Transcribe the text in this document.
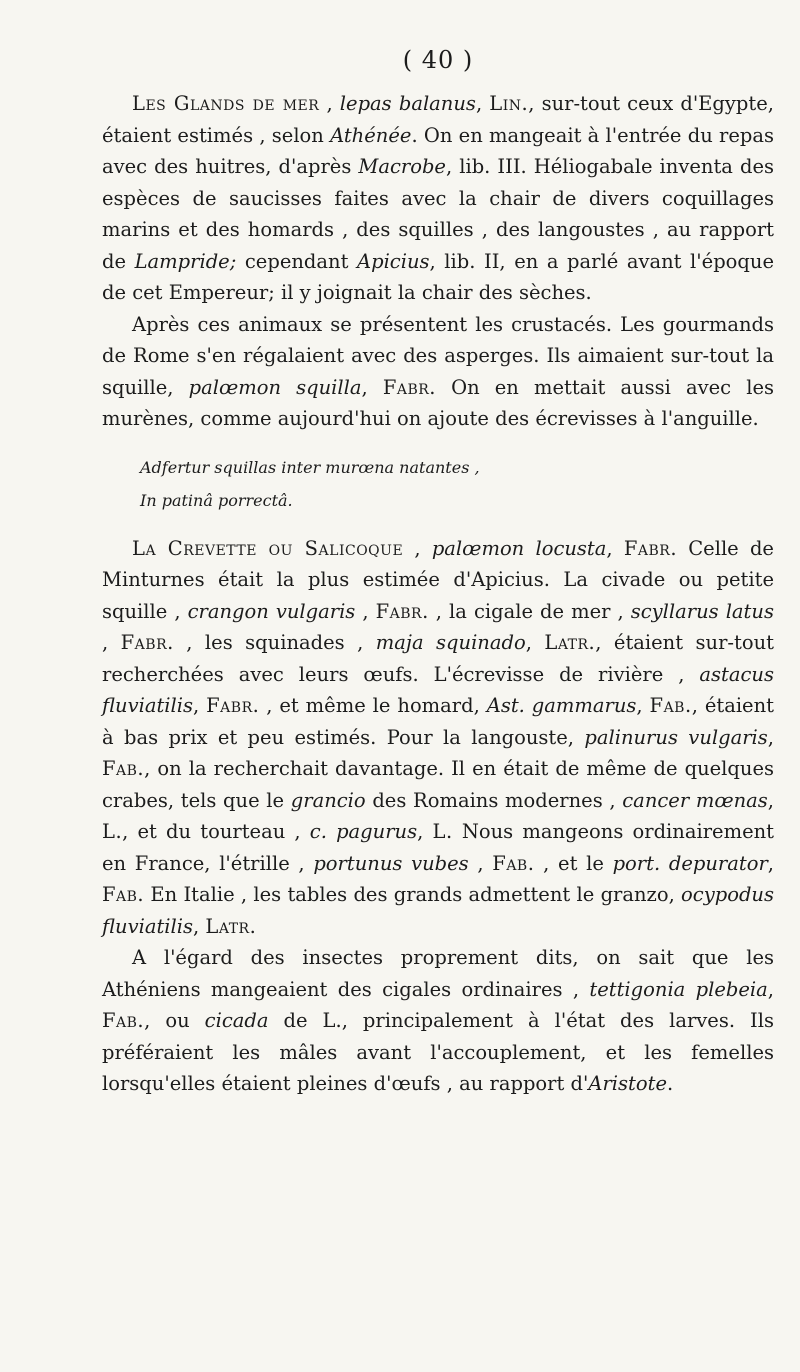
( 40 )

Les Glands de mer , lepas balanus, Lin., sur-tout ceux d'Egypte, étaient estimés , selon Athénée. On en mangeait à l'entrée du repas avec des huitres, d'après Macrobe, lib. III. Héliogabale inventa des espèces de saucisses faites avec la chair de divers coquillages marins et des homards , des squilles , des langoustes , au rapport de Lampride; cependant Apicius, lib. II, en a parlé avant l'époque de cet Empereur; il y joignait la chair des sèches.

Après ces animaux se présentent les crustacés. Les gourmands de Rome s'en régalaient avec des asperges. Ils aimaient sur-tout la squille, palœmon squilla, Fabr. On en mettait aussi avec les murènes, comme aujourd'hui on ajoute des écrevisses à l'anguille.

Adfertur squillas inter murœna natantes ,
In patinâ porrectâ.

La Crevette ou Salicoque , palœmon locusta, Fabr. Celle de Minturnes était la plus estimée d'Apicius. La civade ou petite squille , crangon vulgaris , Fabr. , la cigale de mer , scyllarus latus , Fabr. , les squinades , maja squinado, Latr., étaient sur-tout recherchées avec leurs œufs. L'écrevisse de rivière , astacus fluviatilis, Fabr. , et même le homard, Ast. gammarus, Fab., étaient à bas prix et peu estimés. Pour la langouste, palinurus vulgaris, Fab., on la recherchait davantage. Il en était de même de quelques crabes, tels que le grancio des Romains modernes , cancer mœnas, L., et du tourteau , c. pagurus, L. Nous mangeons ordinairement en France, l'étrille , portunus vubes , Fab. , et le port. depurator, Fab. En Italie , les tables des grands admettent le granzo, ocypodus fluviatilis, Latr.

A l'égard des insectes proprement dits, on sait que les Athéniens mangeaient des cigales ordinaires , tettigonia plebeia, Fab., ou cicada de L., principalement à l'état des larves. Ils préféraient les mâles avant l'accouplement, et les femelles lorsqu'elles étaient pleines d'œufs , au rapport d'Aristote.
